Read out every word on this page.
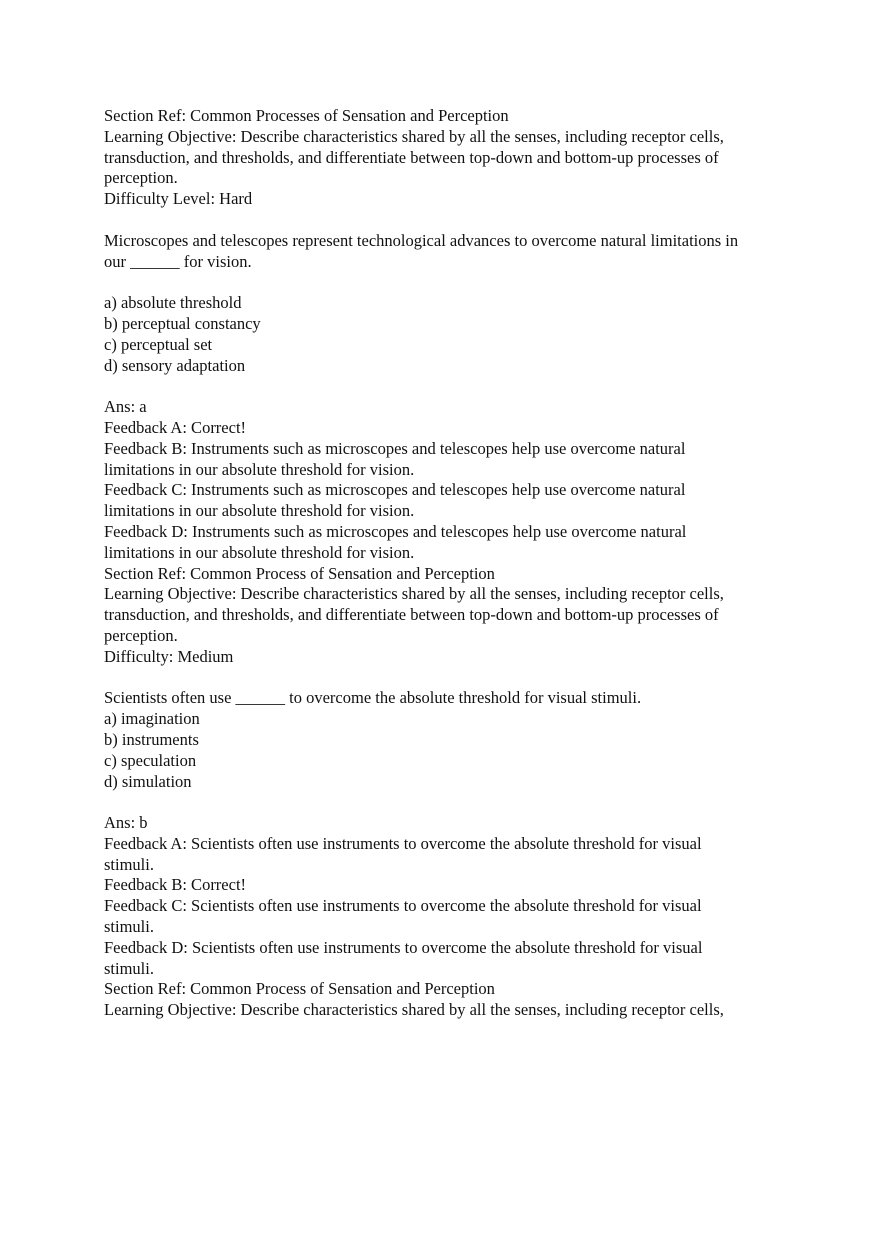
Section Ref: Common Processes of Sensation and Perception
Learning Objective: Describe characteristics shared by all the senses, including receptor cells,
transduction, and thresholds, and differentiate between top-down and bottom-up processes of
perception.
Difficulty Level: Hard
Microscopes and telescopes represent technological advances to overcome natural limitations in
our ______ for vision.
a) absolute threshold
b) perceptual constancy
c) perceptual set
d) sensory adaptation
Ans: a
Feedback A: Correct!
Feedback B: Instruments such as microscopes and telescopes help use overcome natural
limitations in our absolute threshold for vision.
Feedback C: Instruments such as microscopes and telescopes help use overcome natural
limitations in our absolute threshold for vision.
Feedback D: Instruments such as microscopes and telescopes help use overcome natural
limitations in our absolute threshold for vision.
Section Ref: Common Process of Sensation and Perception
Learning Objective: Describe characteristics shared by all the senses, including receptor cells,
transduction, and thresholds, and differentiate between top-down and bottom-up processes of
perception.
Difficulty: Medium
Scientists often use ______ to overcome the absolute threshold for visual stimuli.
a) imagination
b) instruments
c) speculation
d) simulation
Ans: b
Feedback A: Scientists often use instruments to overcome the absolute threshold for visual
stimuli.
Feedback B: Correct!
Feedback C: Scientists often use instruments to overcome the absolute threshold for visual
stimuli.
Feedback D: Scientists often use instruments to overcome the absolute threshold for visual
stimuli.
Section Ref: Common Process of Sensation and Perception
Learning Objective: Describe characteristics shared by all the senses, including receptor cells,
